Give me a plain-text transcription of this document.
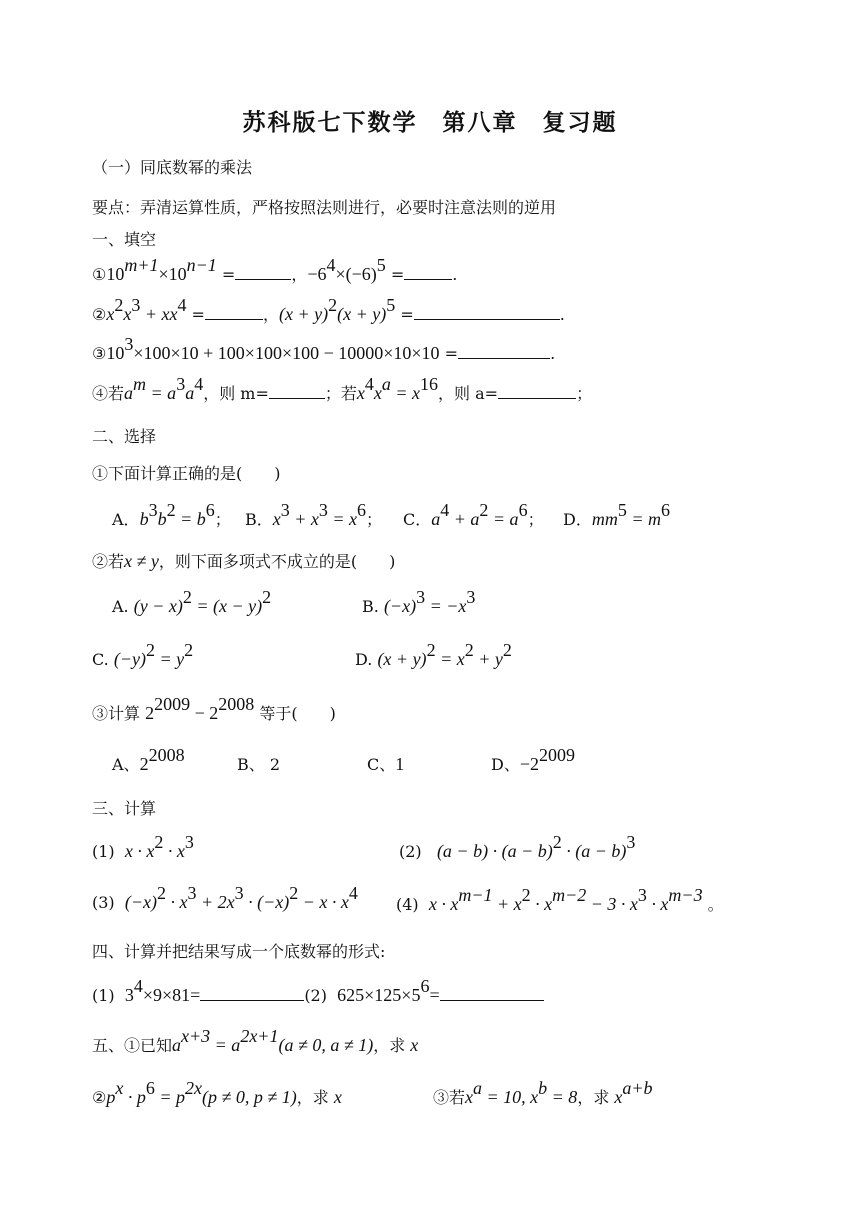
苏科版七下数学　第八章　复习题
（一）同底数幂的乘法
要点：弄清运算性质，严格按照法则进行，必要时注意法则的逆用
一、填空
$①10^{m+1}\times 10^{n-1}$ =	，$-6^4\times(-6)^5$ =	.
$②x^2x^3 + xx^4$ =	，$(x + y)^2(x + y)^5$ =	.
$③10^3\times 100\times 10 + 100\times 100\times 100 - 10000\times 10\times 10$ =	.
④若$a^m = a^3a^4$，则 m=	；若$x^4x^a = x^{16}$，则 a=	；
二、选择
①下面计算正确的是(　　)
A．$b^3b^2 = b^6$； B．$x^3 + x^3 = x^6$； C．$a^4 + a^2 = a^6$； D．$mm^5 = m^6$
②若x ≠ y，则下面多项式不成立的是(　　)
A. $(y - x)^2 = (x - y)^2$	B. $(-x)^3 = -x^3$
C. $(-y)^2 = y^2$	D. $(x + y)^2 = x^2 + y^2$
③计算 $2^{2009} - 2^{2008}$ 等于(　　)
A、$2^{2008}$	B、 2	C、1	D、$-2^{2009}$
三、计算
(1) $x \cdot x^2 \cdot x^3$	(2) $(a - b) \cdot (a - b)^2 \cdot (a - b)^3$
(3) $(-x)^2 \cdot x^3 + 2x^3 \cdot (-x)^2 - x \cdot x^4$
(4) $x \cdot x^{m-1} + x^2 \cdot x^{m-2} - 3 \cdot x^3 \cdot x^{m-3}$ 。
四、计算并把结果写成一个底数幂的形式:
(1) $3^4\times 9\times 81=$	(2) $625\times 125\times 5^6=$
五、①已知$a^{x+3} = a^{2x+1}(a \ne 0$, a ≠ 1)，求 x
$②p^x \cdot p^6 = p^{2x}(p \ne 0$, p ≠ 1)，求 x	③若$x^a = 10$, $x^b = 8$，求 $x^{a+b}$
